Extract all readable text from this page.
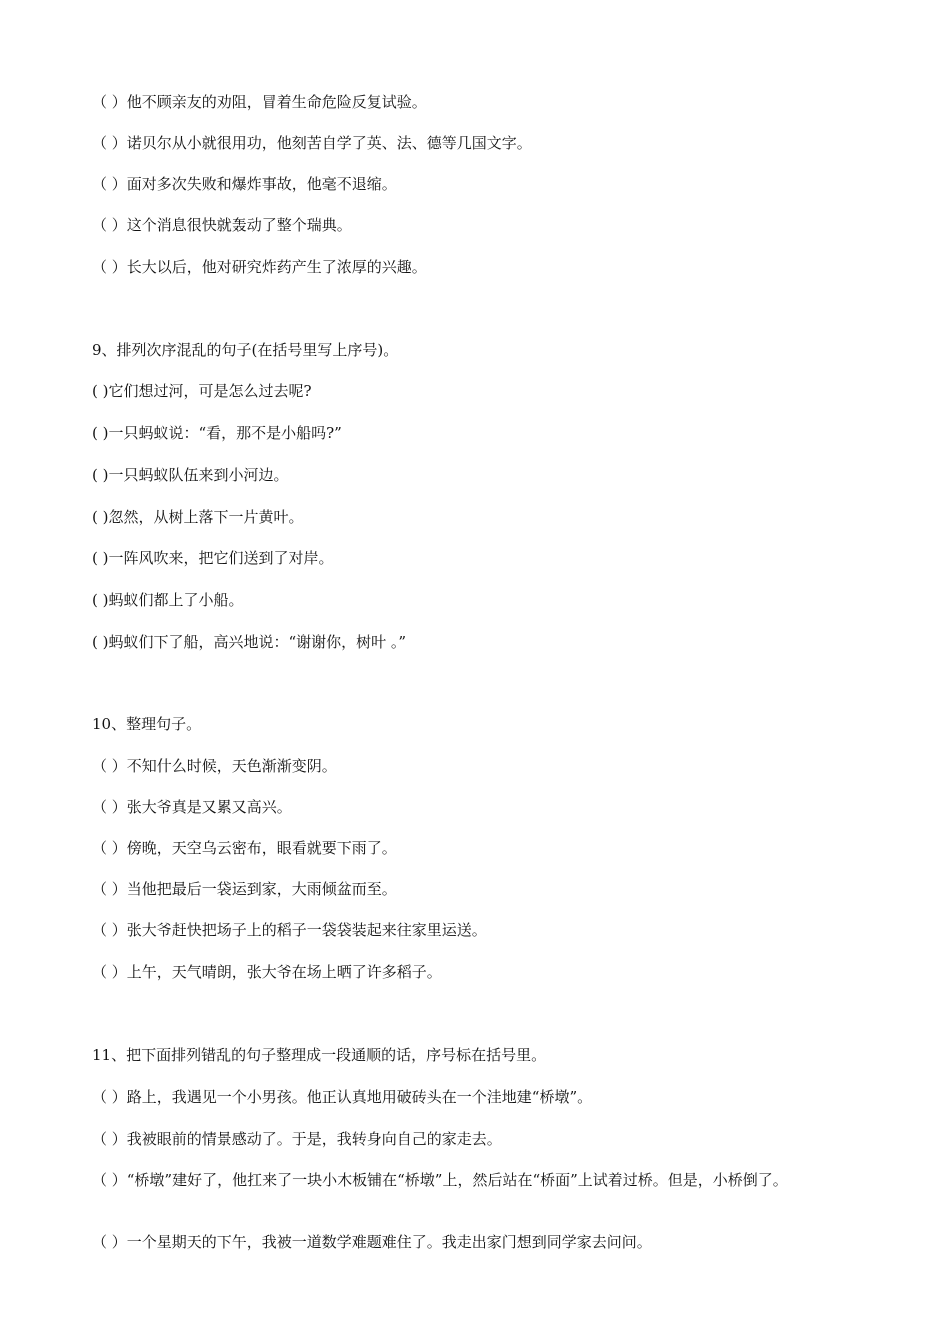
（ ）他不顾亲友的劝阻，冒着生命危险反复试验。
（ ）诺贝尔从小就很用功，他刻苦自学了英、法、德等几国文字。
（ ）面对多次失败和爆炸事故，他毫不退缩。
（ ）这个消息很快就轰动了整个瑞典。
（ ）长大以后，他对研究炸药产生了浓厚的兴趣。
9、排列次序混乱的句子(在括号里写上序号)。
( )它们想过河，可是怎么过去呢?
( )一只蚂蚁说：“看，那不是小船吗?”
( )一只蚂蚁队伍来到小河边。
( )忽然，从树上落下一片黄叶。
( )一阵风吹来，把它们送到了对岸。
( )蚂蚁们都上了小船。
( )蚂蚁们下了船，高兴地说：“谢谢你，树叶 。”
10、整理句子。
（ ）不知什么时候，天色渐渐变阴。
（ ）张大爷真是又累又高兴。
（ ）傍晚，天空乌云密布，眼看就要下雨了。
（ ）当他把最后一袋运到家，大雨倾盆而至。
（ ）张大爷赶快把场子上的稻子一袋袋装起来往家里运送。
（ ）上午，天气晴朗，张大爷在场上晒了许多稻子。
11、把下面排列错乱的句子整理成一段通顺的话，序号标在括号里。
（ ）路上，我遇见一个小男孩。他正认真地用破砖头在一个洼地建“桥墩”。
（ ）我被眼前的情景感动了。于是，我转身向自己的家走去。
（ ）“桥墩”建好了，他扛来了一块小木板铺在“桥墩”上，然后站在“桥面”上试着过桥。但是，小桥倒了。
（ ）一个星期天的下午，我被一道数学难题难住了。我走出家门想到同学家去问问。
